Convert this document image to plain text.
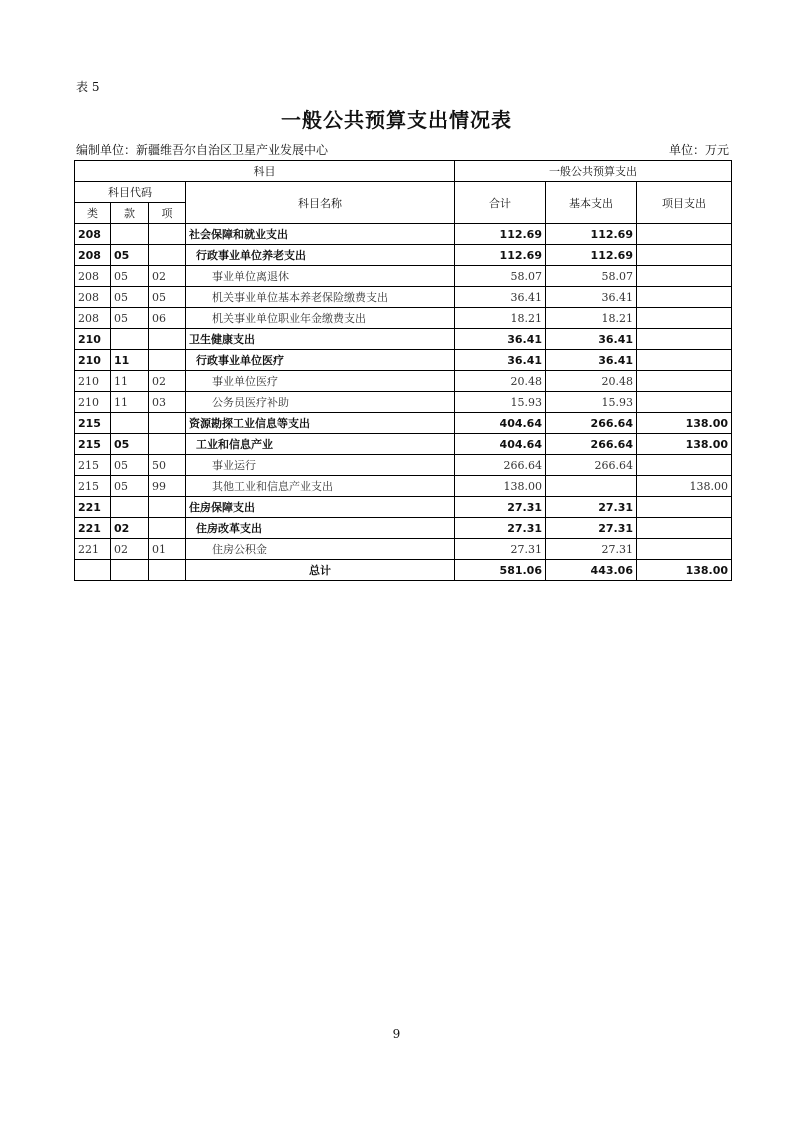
表 5
一般公共预算支出情况表
编制单位：新疆维吾尔自治区卫星产业发展中心	单位：万元
科目				一般公共预算支出		
科目代码			科目名称	合计	基本支出	项目支出
类	款	项				
208			社会保障和就业支出	112.69	112.69	
208	05		行政事业单位养老支出	112.69	112.69	
208	05	02	事业单位离退休	58.07	58.07	
208	05	05	机关事业单位基本养老保险缴费支出	36.41	36.41	
208	05	06	机关事业单位职业年金缴费支出	18.21	18.21	
210			卫生健康支出	36.41	36.41	
210	11		行政事业单位医疗	36.41	36.41	
210	11	02	事业单位医疗	20.48	20.48	
210	11	03	公务员医疗补助	15.93	15.93	
215			资源勘探工业信息等支出	404.64	266.64	138.00
215	05		工业和信息产业	404.64	266.64	138.00
215	05	50	事业运行	266.64	266.64	
215	05	99	其他工业和信息产业支出	138.00		138.00
221			住房保障支出	27.31	27.31	
221	02		住房改革支出	27.31	27.31	
221	02	01	住房公积金	27.31	27.31	
			总计	581.06	443.06	138.00
9
